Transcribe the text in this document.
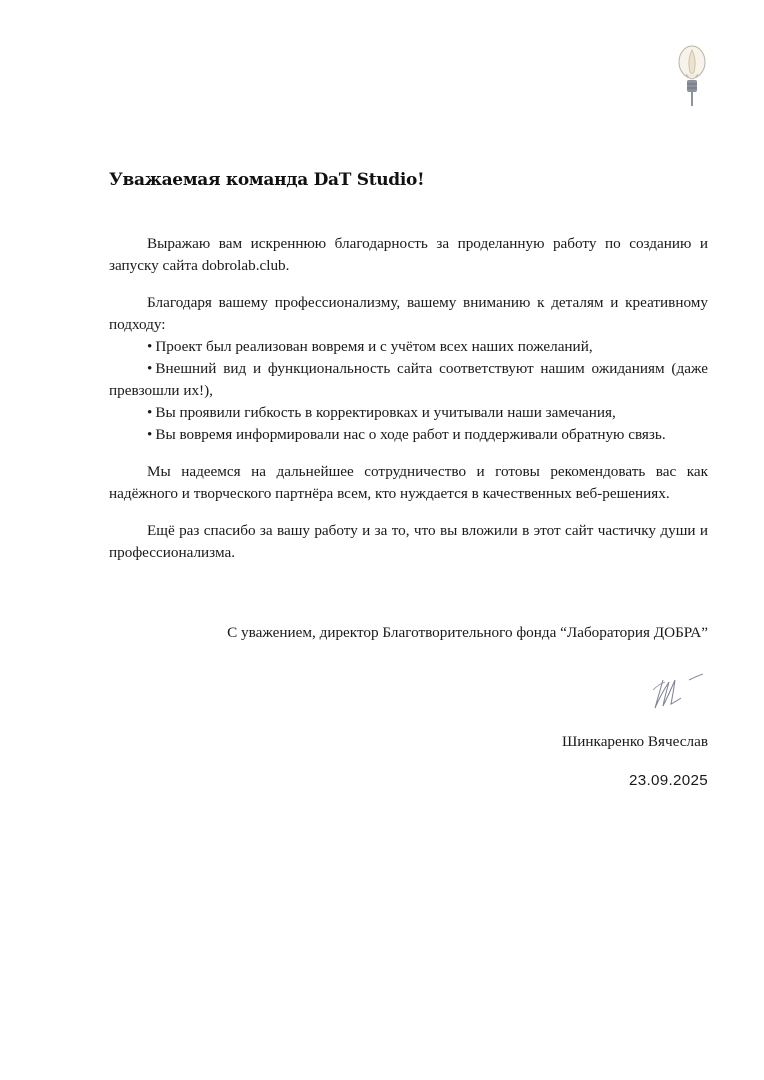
Уважаемая команда DaT Studio!

Выражаю вам искреннюю благодарность за проделанную работу по созданию и запуску сайта dobrolab.club.

Благодаря вашему профессионализму, вашему вниманию к деталям и креативному подходу:

• Проект был реализован вовремя и с учётом всех наших пожеланий,

• Внешний вид и функциональность сайта соответствуют нашим ожиданиям (даже превзошли их!),

• Вы проявили гибкость в корректировках и учитывали наши замечания,

• Вы вовремя информировали нас о ходе работ и поддерживали обратную связь.

Мы надеемся на дальнейшее сотрудничество и готовы рекомендовать вас как надёжного и творческого партнёра всем, кто нуждается в качественных веб-решениях.

Ещё раз спасибо за вашу работу и за то, что вы вложили в этот сайт частичку души и профессионализма.

С уважением, директор Благотворительного фонда “Лаборатория ДОБРА”
Шинкаренко Вячеслав
23.09.2025
